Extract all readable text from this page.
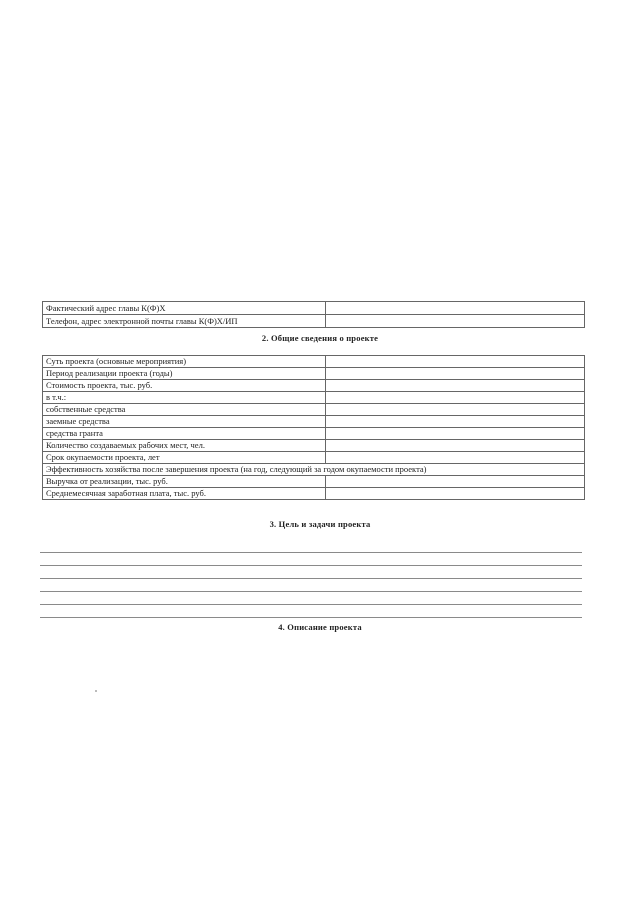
Фактический адрес главы К(Ф)Х	
Телефон, адрес электронной почты главы К(Ф)Х/ИП	
2. Общие сведения о проекте
Суть проекта (основные мероприятия)	
Период реализации проекта (годы)	
Стоимость проекта, тыс. руб.	
в т.ч.:	
собственные средства	
заемные средства	
средства гранта	
Количество создаваемых рабочих мест, чел.	
Срок окупаемости проекта, лет	
Эффективность хозяйства после завершения проекта (на год, следующий за годом окупаемости проекта)	
Выручка от реализации, тыс. руб.	
Среднемесячная заработная плата, тыс. руб.	
3. Цель и задачи проекта
4. Описание проекта
